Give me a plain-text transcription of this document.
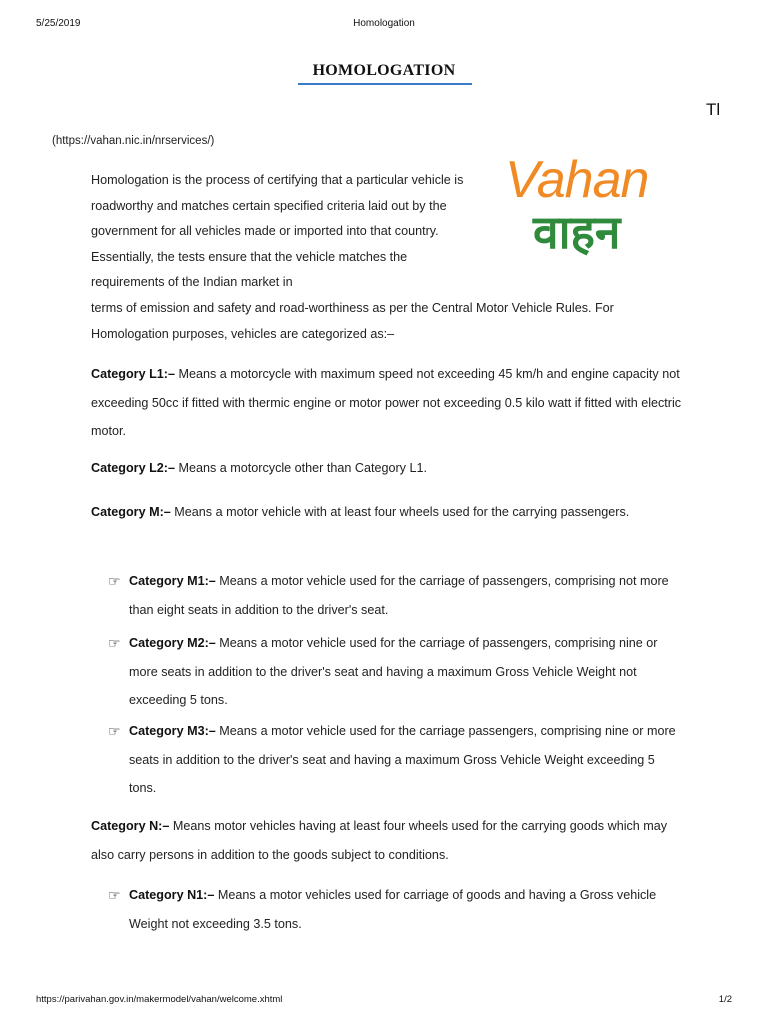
5/25/2019	Homologation
HOMOLOGATION
Tl
(https://vahan.nic.in/nrservices/)
Vahan
वाहन
Homologation is the process of certifying that a particular vehicle is roadworthy and matches certain specified criteria laid out by the government for all vehicles made or imported into that country. Essentially, the tests ensure that the vehicle matches the requirements of the Indian market in
terms of emission and safety and road-worthiness as per the Central Motor Vehicle Rules. For Homologation purposes, vehicles are categorized as:–
Category L1:– Means a motorcycle with maximum speed not exceeding 45 km/h and engine capacity not exceeding 50cc if fitted with thermic engine or motor power not exceeding 0.5 kilo watt if fitted with electric motor.
Category L2:– Means a motorcycle other than Category L1.
Category M:– Means a motor vehicle with at least four wheels used for the carrying passengers.
☞ Category M1:– Means a motor vehicle used for the carriage of passengers, comprising not more than eight seats in addition to the driver's seat.
☞ Category M2:– Means a motor vehicle used for the carriage of passengers, comprising nine or more seats in addition to the driver's seat and having a maximum Gross Vehicle Weight not exceeding 5 tons.
☞ Category M3:– Means a motor vehicle used for the carriage passengers, comprising nine or more seats in addition to the driver's seat and having a maximum Gross Vehicle Weight exceeding 5 tons.
Category N:– Means motor vehicles having at least four wheels used for the carrying goods which may also carry persons in addition to the goods subject to conditions.
☞ Category N1:– Means a motor vehicles used for carriage of goods and having a Gross vehicle Weight not exceeding 3.5 tons.
https://parivahan.gov.in/makermodel/vahan/welcome.xhtml	1/2
